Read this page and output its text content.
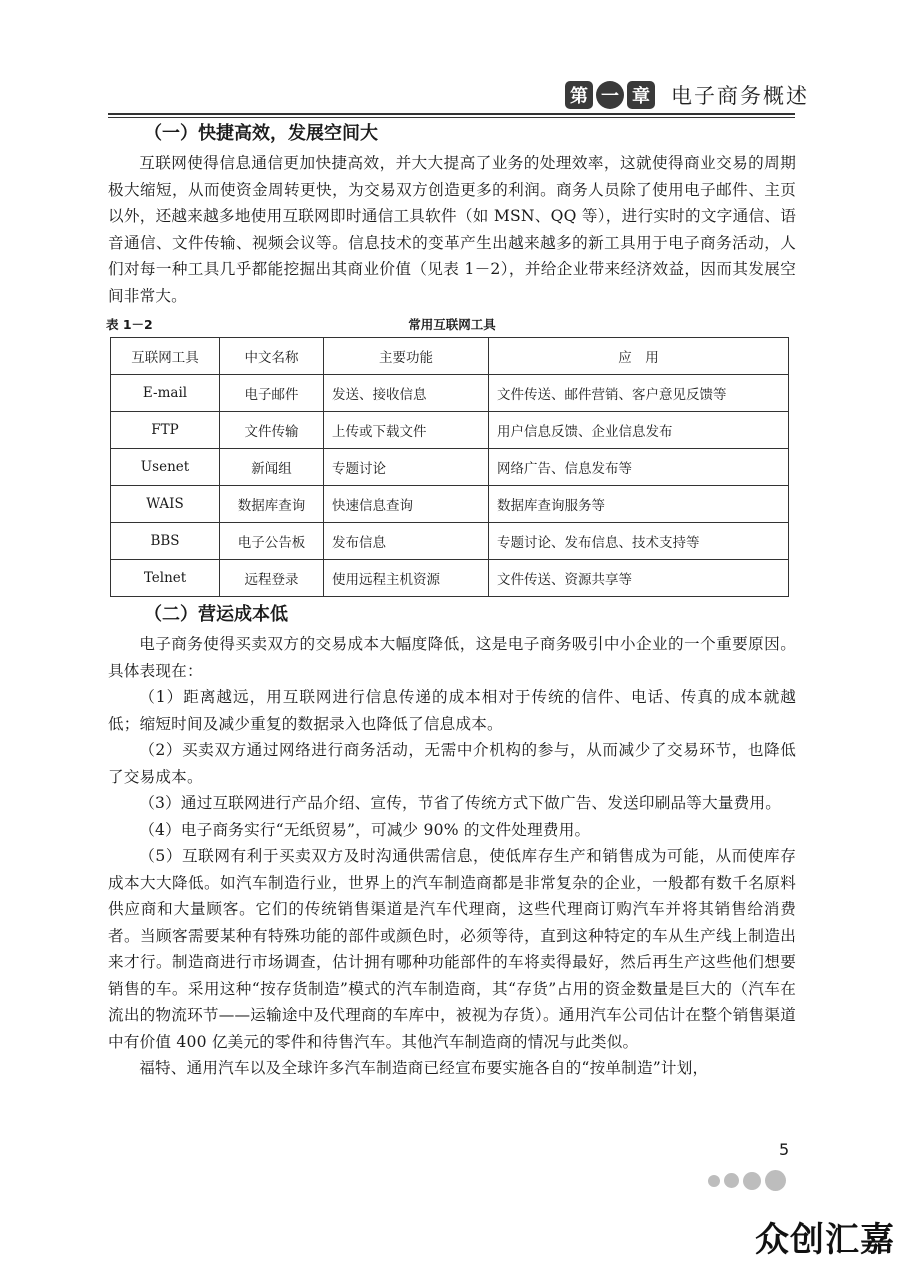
第 一 章 电子商务概述
（一）快捷高效，发展空间大

互联网使得信息通信更加快捷高效，并大大提高了业务的处理效率，这就使得商业交易的周期极大缩短，从而使资金周转更快，为交易双方创造更多的利润。商务人员除了使用电子邮件、主页以外，还越来越多地使用互联网即时通信工具软件（如 MSN、QQ 等），进行实时的文字通信、语音通信、文件传输、视频会议等。信息技术的变革产生出越来越多的新工具用于电子商务活动，人们对每一种工具几乎都能挖掘出其商业价值（见表 1－2），并给企业带来经济效益，因而其发展空间非常大。

表 1－2	常用互联网工具
互联网工具	中文名称	主要功能	应　用
E-mail	电子邮件	发送、接收信息	文件传送、邮件营销、客户意见反馈等
FTP	文件传输	上传或下载文件	用户信息反馈、企业信息发布
Usenet	新闻组	专题讨论	网络广告、信息发布等
WAIS	数据库查询	快速信息查询	数据库查询服务等
BBS	电子公告板	发布信息	专题讨论、发布信息、技术支持等
Telnet	远程登录	使用远程主机资源	文件传送、资源共享等
（二）营运成本低

电子商务使得买卖双方的交易成本大幅度降低，这是电子商务吸引中小企业的一个重要原因。具体表现在：

（1）距离越远，用互联网进行信息传递的成本相对于传统的信件、电话、传真的成本就越低；缩短时间及减少重复的数据录入也降低了信息成本。

（2）买卖双方通过网络进行商务活动，无需中介机构的参与，从而减少了交易环节，也降低了交易成本。

（3）通过互联网进行产品介绍、宣传，节省了传统方式下做广告、发送印刷品等大量费用。

（4）电子商务实行“无纸贸易”，可减少 90% 的文件处理费用。

（5）互联网有利于买卖双方及时沟通供需信息，使低库存生产和销售成为可能，从而使库存成本大大降低。如汽车制造行业，世界上的汽车制造商都是非常复杂的企业，一般都有数千名原料供应商和大量顾客。它们的传统销售渠道是汽车代理商，这些代理商订购汽车并将其销售给消费者。当顾客需要某种有特殊功能的部件或颜色时，必须等待，直到这种特定的车从生产线上制造出来才行。制造商进行市场调查，估计拥有哪种功能部件的车将卖得最好，然后再生产这些他们想要销售的车。采用这种“按存货制造”模式的汽车制造商，其“存货”占用的资金数量是巨大的（汽车在流出的物流环节——运输途中及代理商的车库中，被视为存货）。通用汽车公司估计在整个销售渠道中有价值 400 亿美元的零件和待售汽车。其他汽车制造商的情况与此类似。

福特、通用汽车以及全球许多汽车制造商已经宣布要实施各自的“按单制造”计划，

5
众创汇嘉
